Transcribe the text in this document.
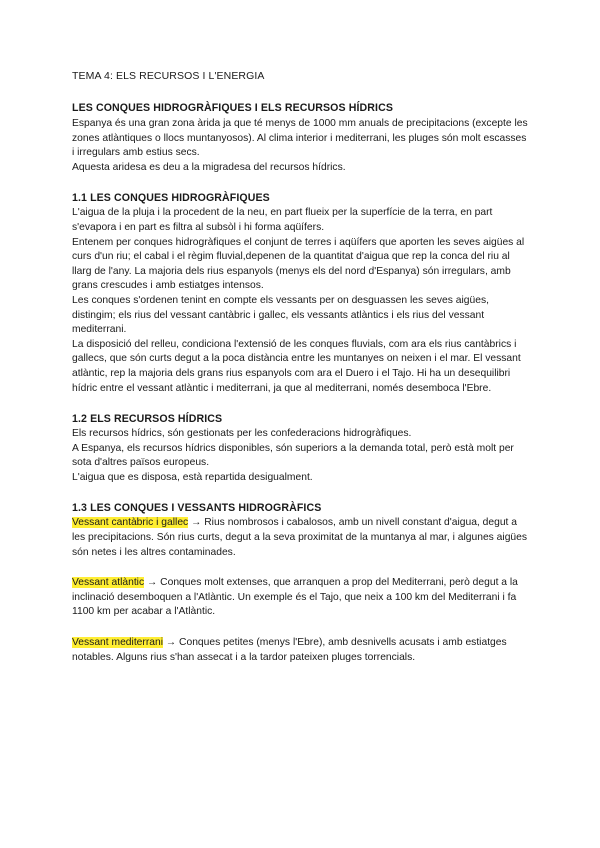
TEMA 4: ELS RECURSOS I L'ENERGIA
LES CONQUES HIDROGRÀFIQUES I ELS RECURSOS HÍDRICS

Espanya és una gran zona àrida ja que té menys de 1000 mm anuals de precipitacions (excepte les zones atlàntiques o llocs muntanyosos). Al clima interior i mediterrani, les pluges són molt escasses i irregulars amb estius secs.

Aquesta aridesa es deu a la migradesa del recursos hídrics.

1.1 LES CONQUES HIDROGRÀFIQUES

L'aigua de la pluja i la procedent de la neu, en part flueix per la superfície de la terra, en part s'evapora i en part es filtra al subsòl i hi forma aqüífers.

Entenem per conques hidrogràfiques el conjunt de terres i aqüífers que aporten les seves aigües al curs d'un riu; el cabal i el règim fluvial,depenen de la quantitat d'aigua que rep la conca del riu al llarg de l'any. La majoria dels rius espanyols (menys els del nord d'Espanya) són irregulars, amb grans crescudes i amb estiatges intensos.

Les conques s'ordenen tenint en compte els vessants per on desguassen les seves aigües, distingim; els rius del vessant cantàbric i gallec, els vessants atlàntics i els rius del vessant mediterrani.

La disposició del relleu, condiciona l'extensió de les conques fluvials, com ara els rius cantàbrics i gallecs, que són curts degut a la poca distància entre les muntanyes on neixen i el mar. El vessant atlàntic, rep la majoria dels grans rius espanyols com ara el Duero i el Tajo. Hi ha un desequilibri hídric entre el vessant atlàntic i mediterrani, ja que al mediterrani, només desemboca l'Ebre.

1.2 ELS RECURSOS HÍDRICS

Els recursos hídrics, són gestionats per les confederacions hidrogràfiques.

A Espanya, els recursos hídrics disponibles, són superiors a la demanda total, però està molt per sota d'altres països europeus.

L'aigua que es disposa, està repartida desigualment.

1.3 LES CONQUES I VESSANTS HIDROGRÀFICS

Vessant cantàbric i gallec → Rius nombrosos i cabalosos, amb un nivell constant d'aigua, degut a les precipitacions. Són rius curts, degut a la seva proximitat de la muntanya al mar, i algunes aigües són netes i les altres contaminades.

Vessant atlàntic → Conques molt extenses, que arranquen a prop del Mediterrani, però degut a la inclinació desemboquen a l'Atlàntic. Un exemple és el Tajo, que neix a 100 km del Mediterrani i fa 1100 km per acabar a l'Atlàntic.

Vessant mediterrani → Conques petites (menys l'Ebre), amb desnivells acusats i amb estiatges notables. Alguns rius s'han assecat i a la tardor pateixen pluges torrencials.
